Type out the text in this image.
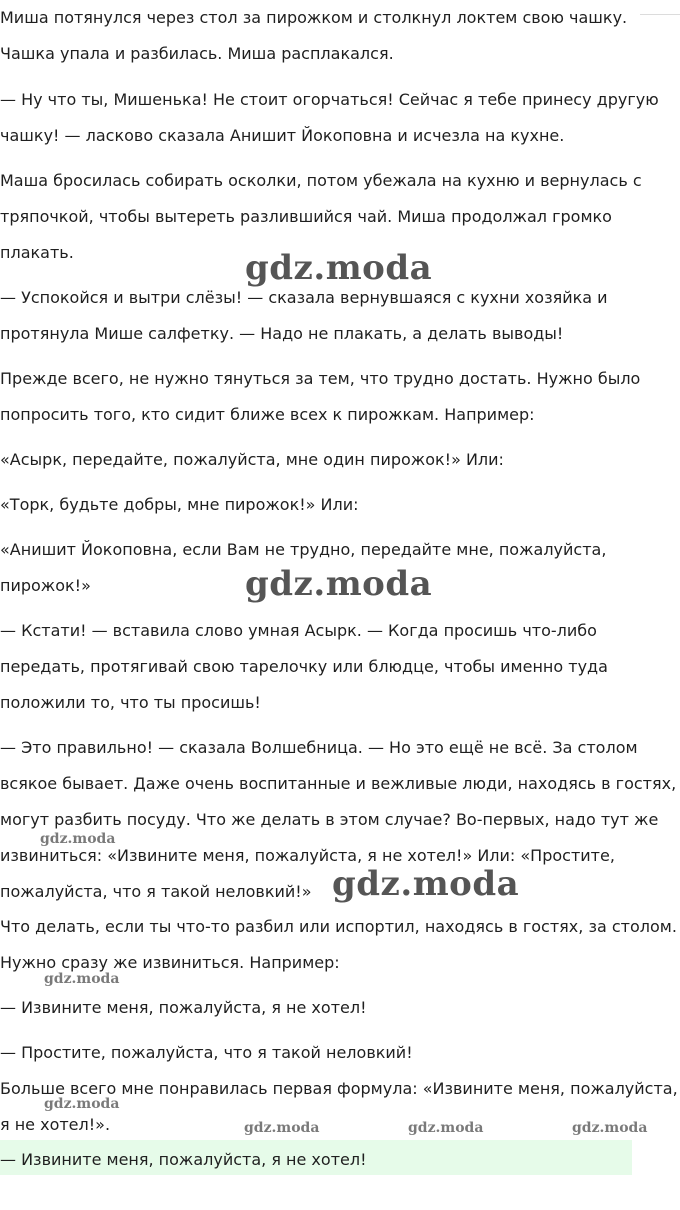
Миша потянулся через стол за пирожком и столкнул локтем свою чашку.
Чашка упала и разбилась. Миша расплакался.
— Ну что ты, Мишенька! Не стоит огорчаться! Сейчас я тебе принесу другую
чашку! — ласково сказала Анишит Йокоповна и исчезла на кухне.
Маша бросилась собирать осколки, потом убежала на кухню и вернулась с
тряпочкой, чтобы вытереть разлившийся чай. Миша продолжал громко
плакать.
— Успокойся и вытри слёзы! — сказала вернувшаяся с кухни хозяйка и
протянула Мише салфетку. — Надо не плакать, а делать выводы!
Прежде всего, не нужно тянуться за тем, что трудно достать. Нужно было
попросить того, кто сидит ближе всех к пирожкам. Например:
«Асырк, передайте, пожалуйста, мне один пирожок!» Или:
«Торк, будьте добры, мне пирожок!» Или:
«Анишит Йокоповна, если Вам не трудно, передайте мне, пожалуйста,
пирожок!»
— Кстати! — вставила слово умная Асырк. — Когда просишь что-либо
передать, протягивай свою тарелочку или блюдце, чтобы именно туда
положили то, что ты просишь!
— Это правильно! — сказала Волшебница. — Но это ещё не всё. За столом
всякое бывает. Даже очень воспитанные и вежливые люди, находясь в гостях,
могут разбить посуду. Что же делать в этом случае? Во-первых, надо тут же
извиниться: «Извините меня, пожалуйста, я не хотел!» Или: «Простите,
пожалуйста, что я такой неловкий!»
Что делать, если ты что-то разбил или испортил, находясь в гостях, за столом.
Нужно сразу же извиниться. Например:
— Извините меня, пожалуйста, я не хотел!
— Простите, пожалуйста, что я такой неловкий!
Больше всего мне понравилась первая формула: «Извините меня, пожалуйста,
я не хотел!».
— Извините меня, пожалуйста, я не хотел!
gdz.moda
gdz.moda
gdz.moda
gdz.moda
gdz.moda
gdz.moda
gdz.moda	gdz.moda	gdz.moda
